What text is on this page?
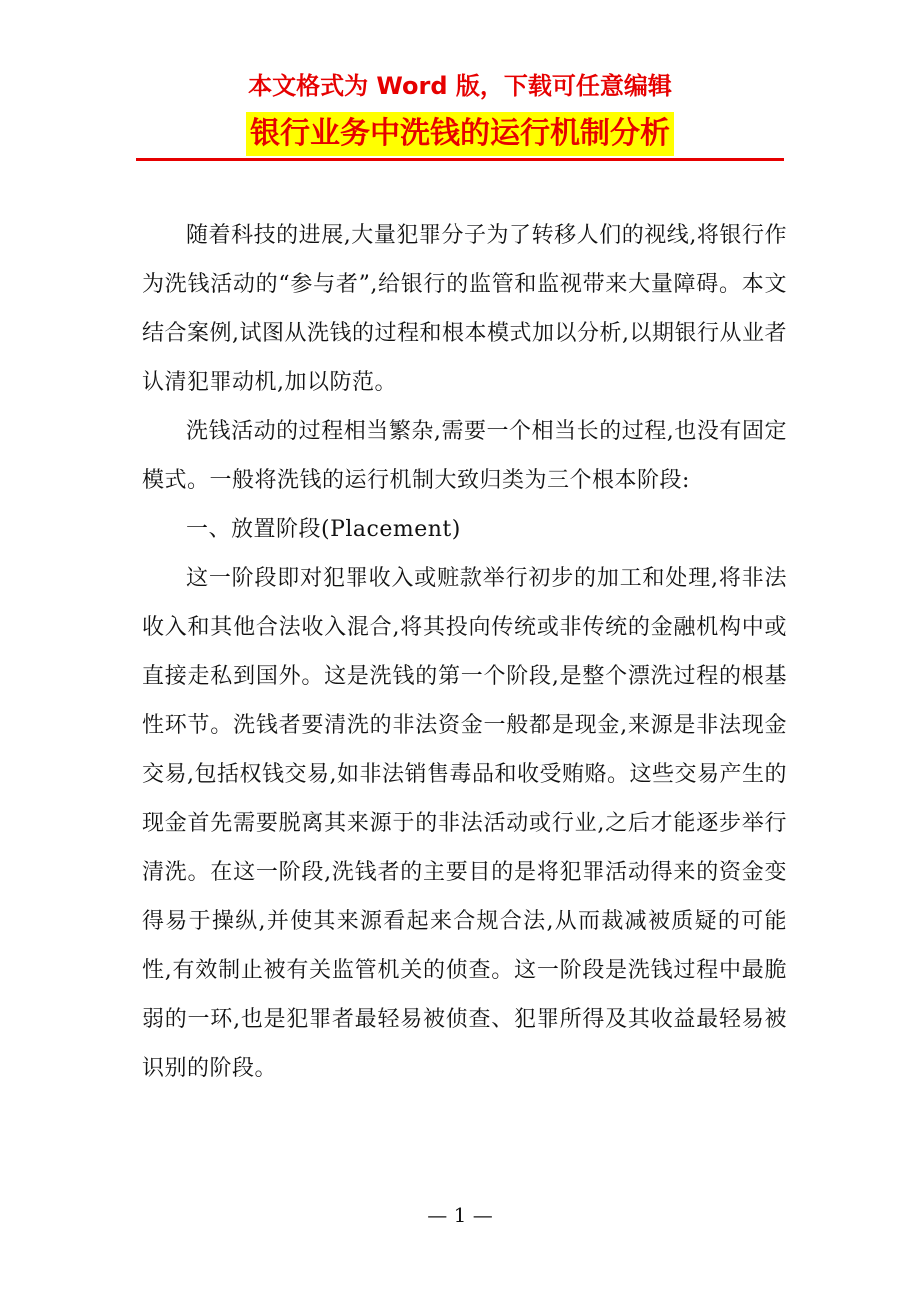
本文格式为 Word 版，下载可任意编辑
银行业务中洗钱的运行机制分析

随着科技的进展,大量犯罪分子为了转移人们的视线,将银行作为洗钱活动的“参与者”,给银行的监管和监视带来大量障碍。本文结合案例,试图从洗钱的过程和根本模式加以分析,以期银行从业者认清犯罪动机,加以防范。

洗钱活动的过程相当繁杂,需要一个相当长的过程,也没有固定模式。一般将洗钱的运行机制大致归类为三个根本阶段:

一、放置阶段(Placement)

这一阶段即对犯罪收入或赃款举行初步的加工和处理,将非法收入和其他合法收入混合,将其投向传统或非传统的金融机构中或直接走私到国外。这是洗钱的第一个阶段,是整个漂洗过程的根基性环节。洗钱者要清洗的非法资金一般都是现金,来源是非法现金交易,包括权钱交易,如非法销售毒品和收受贿赂。这些交易产生的现金首先需要脱离其来源于的非法活动或行业,之后才能逐步举行清洗。在这一阶段,洗钱者的主要目的是将犯罪活动得来的资金变得易于操纵,并使其来源看起来合规合法,从而裁减被质疑的可能性,有效制止被有关监管机关的侦查。这一阶段是洗钱过程中最脆弱的一环,也是犯罪者最轻易被侦查、犯罪所得及其收益最轻易被识别的阶段。

— 1 —
